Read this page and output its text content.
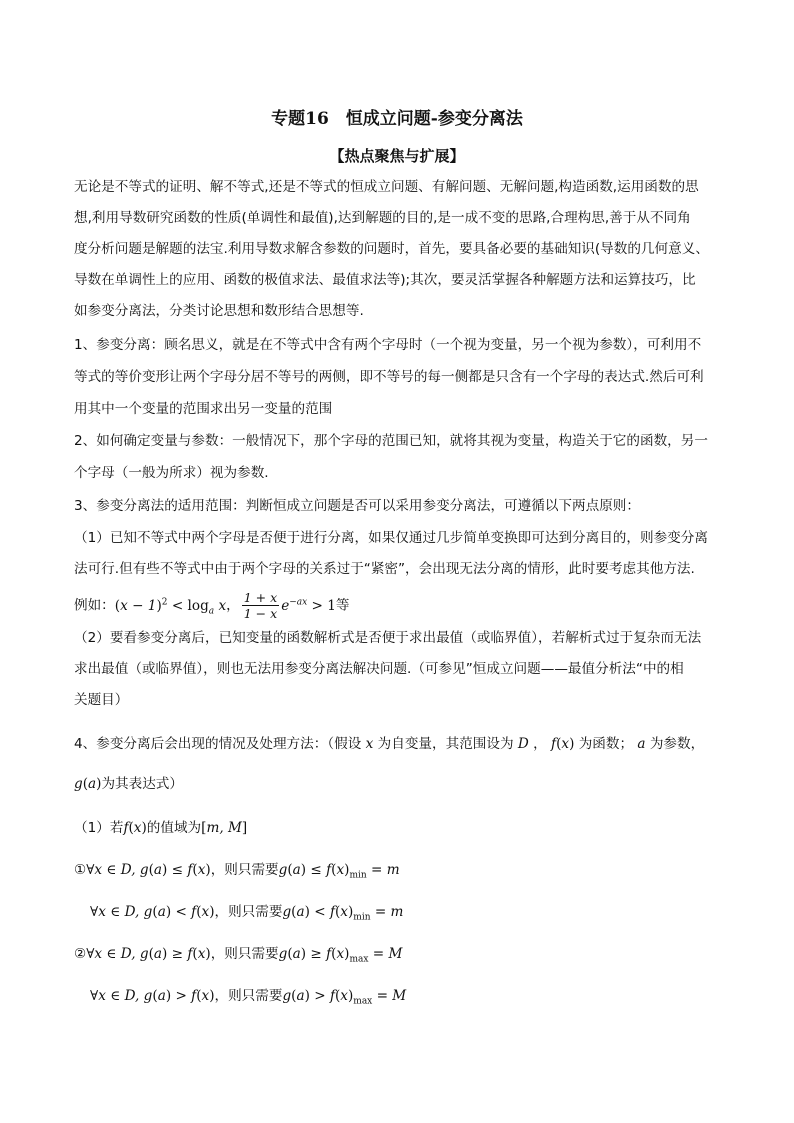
专题16　恒成立问题-参变分离法
【热点聚焦与扩展】
无论是不等式的证明、解不等式,还是不等式的恒成立问题、有解问题、无解问题,构造函数,运用函数的思
想,利用导数研究函数的性质(单调性和最值),达到解题的目的,是一成不变的思路,合理构思,善于从不同角
度分析问题是解题的法宝.利用导数求解含参数的问题时，首先，要具备必要的基础知识(导数的几何意义、
导数在单调性上的应用、函数的极值求法、最值求法等);其次，要灵活掌握各种解题方法和运算技巧，比
如参变分离法，分类讨论思想和数形结合思想等.
1、参变分离：顾名思义，就是在不等式中含有两个字母时（一个视为变量，另一个视为参数），可利用不
等式的等价变形让两个字母分居不等号的两侧，即不等号的每一侧都是只含有一个字母的表达式.然后可利
用其中一个变量的范围求出另一变量的范围
2、如何确定变量与参数：一般情况下，那个字母的范围已知，就将其视为变量，构造关于它的函数，另一
个字母（一般为所求）视为参数.
3、参变分离法的适用范围：判断恒成立问题是否可以采用参变分离法，可遵循以下两点原则：
（1）已知不等式中两个字母是否便于进行分离，如果仅通过几步简单变换即可达到分离目的，则参变分离
法可行.但有些不等式中由于两个字母的关系过于“紧密”，会出现无法分离的情形，此时要考虑其他方法.
例如：$(x - 1)^2 < \log_a x$， $\frac{1 + x}{1 - x} e^{-ax} > 1$等
（2）要看参变分离后，已知变量的函数解析式是否便于求出最值（或临界值），若解析式过于复杂而无法
求出最值（或临界值），则也无法用参变分离法解决问题.（可参见”恒成立问题——最值分析法“中的相
关题目）
4、参变分离后会出现的情况及处理方法：（假设 x 为自变量，其范围设为 D ， f(x) 为函数； a 为参数，
g(a)为其表达式）
（1）若f(x)的值域为[m, M]
①∀x ∈ D, g(a) ≤ f(x)，则只需要$g(a) \le f(x)_{min} = m$
∀x ∈ D, g(a) < f(x)，则只需要$g(a) < f(x)_{min} = m$
②∀x ∈ D, g(a) ≥ f(x)，则只需要$g(a) \ge f(x)_{max} = M$
∀x ∈ D, g(a) > f(x)，则只需要$g(a) > f(x)_{max} = M$
